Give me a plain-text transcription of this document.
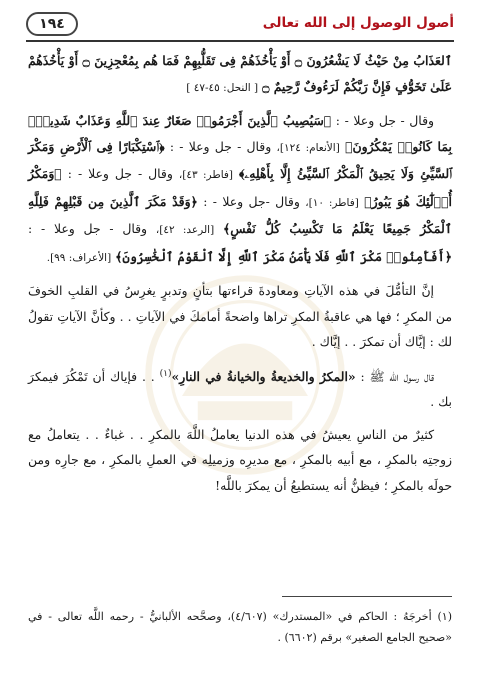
أصول الوصول إلى الله تعالى
١٩٤

ٱلعَذَابُ مِنْ حَيْثُ لَا يَشْعُرُونَ ۝ أَوْ يَأْخُذَهُمْ فِى تَقَلُّبِهِمْ فَمَا هُم بِمُعْجِزِينَ ۝ أَوْ يَأْخُذَهُمْ عَلَىٰ تَخَوُّفٍ فَإِنَّ رَبَّكُمْ لَرَءُوفٌ رَّحِيمٌ ۝ [ النحل: ٤٥-٤٧ ]

وقال - جل وعلا - : ﴿سَيُصِيبُ ٱلَّذِينَ أَجْرَمُوا۟ صَغَارٌ عِندَ ٱللَّهِ وَعَذَابٌ شَدِيدٌۢ بِمَا كَانُوا۟ يَمْكُرُونَ﴾ [الأنعام: ١٢٤]، وقال - جل وعلا - : ﴿ٱسْتِكْبَارًا فِى ٱلْأَرْضِ وَمَكْرَ ٱلسَّيِّئِ وَلَا يَحِيقُ ٱلْمَكْرُ ٱلسَّيِّئُ إِلَّا بِأَهْلِهِۦ﴾ [فاطر: ٤٣]، وقال - جل وعلا - : ﴿وَمَكْرُ أُو۟لَٰٓئِكَ هُوَ يَبُورُ﴾ [فاطر: ١٠]، وقال -جل وعلا - : ﴿وَقَدْ مَكَرَ ٱلَّذِينَ مِن قَبْلِهِمْ فَلِلَّهِ ٱلْمَكْرُ جَمِيعًا يَعْلَمُ مَا تَكْسِبُ كُلُّ نَفْسٍ﴾ [الرعد: ٤٢]، وقال - جل وعلا - : ﴿أَفَأَمِنُوا۟ مَكْرَ ٱللَّهِ فَلَا يَأْمَنُ مَكْرَ ٱللَّهِ إِلَّا ٱلْقَوْمُ ٱلْخَٰسِرُونَ﴾ [الأعراف: ٩٩].

إنَّ التأمُّلَ في هذه الآياتِ ومعاودةَ قراءتها بتأنٍ وتدبرٍ يغرِسُ في القلبِ الخوفَ من المكرِ ؛ فها هي عاقبةُ المكرِ تراها واضحةً أمامكَ في الآياتِ . . وكأنَّ الآياتِ تقولُ لك : إيَّاك أن تمكرَ . . إيَّاك .

قال رسول الله ﷺ : «المكرُ والخديعةُ والخيانةُ في النارِ»$^{(١)}$ . . فإياك أن تَمْكُرَ فيمكرَ بك .

كثيرٌ من الناسِ يعيشُ في هذه الدنيا يعاملُ اللَّهَ بالمكرِ . . غباءٌ . . يتعاملُ مع زوجتِه بالمكرِ ، مع أبيه بالمكرِ ، مع مديرِه وزميلِه في العملِ بالمكرِ ، مع جارِه ومن حولَه بالمكرِ ؛ فيظنُّ أنه يستطيعُ أن يمكرَ باللَّه!

(١) أخرجَهُ : الحاكم في «المستدرك» (٤/٦٠٧)، وصحَّحه الألبانيُّ - رحمه اللَّه تعالى - في «صحيح الجامع الصغير» برقم (٦٦٠٢) .
